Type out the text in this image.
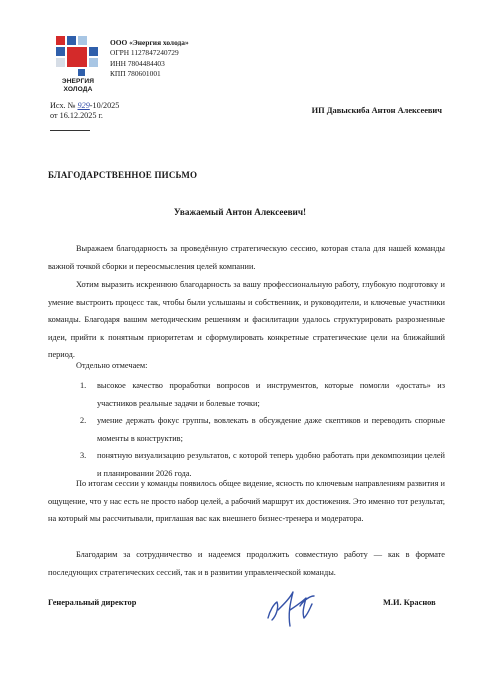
ЭНЕРГИЯ
ХОЛОДА
ООО «Энергия холода»
ОГРН 1127847240729
ИНН 7804484403
КПП 780601001
Исх. № 929-10/2025
от 16.12.2025 г.
ИП Давыскиба Антон Алексеевич
БЛАГОДАРСТВЕННОЕ ПИСЬМО
Уважаемый Антон Алексеевич!
Выражаем благодарность за проведённую стратегическую сессию, которая стала для нашей команды важной точкой сборки и переосмысления целей компании.
Хотим выразить искреннюю благодарность за вашу профессиональную работу, глубокую подготовку и умение выстроить процесс так, чтобы были услышаны и собственник, и руководители, и ключевые участники команды. Благодаря вашим методическим решениям и фасилитации удалось структурировать разрозненные идеи, прийти к понятным приоритетам и сформулировать конкретные стратегические цели на ближайший период.
Отдельно отмечаем:
1. высокое качество проработки вопросов и инструментов, которые помогли «достать» из участников реальные задачи и болевые точки;
2. умение держать фокус группы, вовлекать в обсуждение даже скептиков и переводить спорные моменты в конструктив;
3. понятную визуализацию результатов, с которой теперь удобно работать при декомпозиции целей и планировании 2026 года.
По итогам сессии у команды появилось общее видение, ясность по ключевым направлениям развития и ощущение, что у нас есть не просто набор целей, а рабочий маршрут их достижения. Это именно тот результат, на который мы рассчитывали, приглашая вас как внешнего бизнес-тренера и модератора.
Благодарим за сотрудничество и надеемся продолжить совместную работу — как в формате последующих стратегических сессий, так и в развитии управленческой команды.
Генеральный директор	М.И. Краснов
